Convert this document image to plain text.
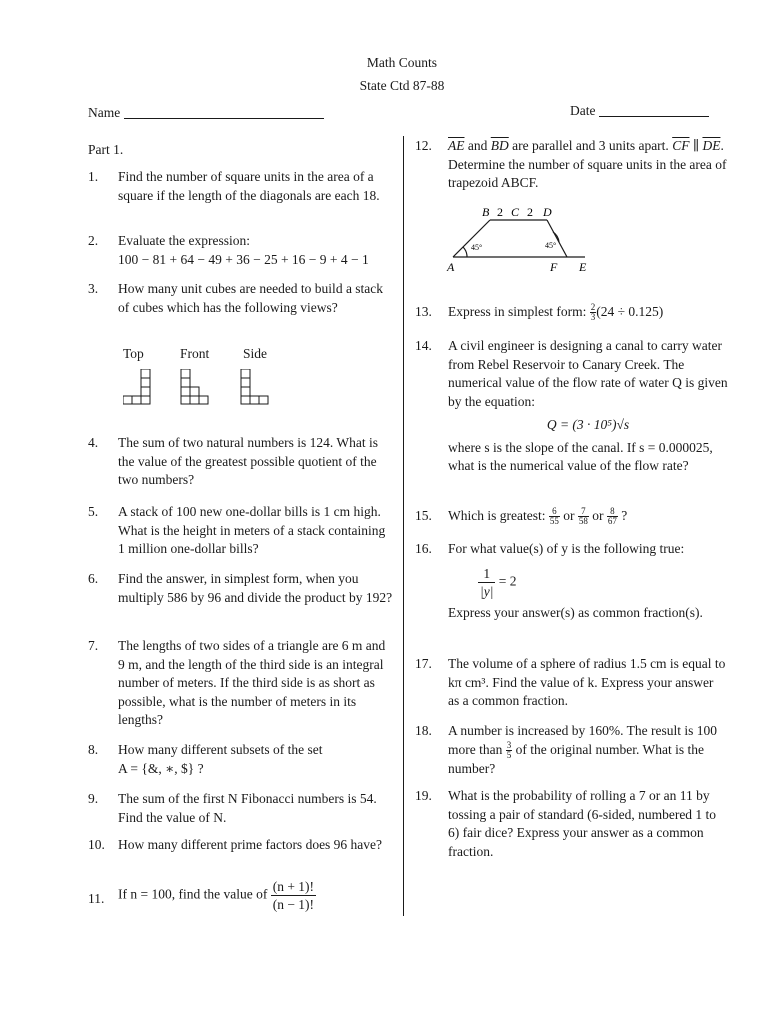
Math Counts
State Ctd 87-88
Name	Date
Part 1.
1. Find the number of square units in the area of a square if the length of the diagonals are each 18.
2. Evaluate the expression:
100 − 81 + 64 − 49 + 36 − 25 + 16 − 9 + 4 − 1
3. How many unit cubes are needed to build a stack of cubes which has the following views?
Top	Front Side
4. The sum of two natural numbers is 124. What is the value of the greatest possible quotient of the two numbers?
5. A stack of 100 new one-dollar bills is 1 cm high. What is the height in meters of a stack containing 1 million one-dollar bills?
6. Find the answer, in simplest form, when you multiply 586 by 96 and divide the product by 192?
7. The lengths of two sides of a triangle are 6 m and 9 m, and the length of the third side is an integral number of meters. If the third side is as short as possible, what is the number of meters in its lengths?
8. How many different subsets of the set
A = {&, ∗, $} ?
9. The sum of the first N Fibonacci numbers is 54. Find the value of N.
10. How many different prime factors does 96 have?
11. If n = 100, find the value of $\frac{(n + 1)!}{(n - 1)!}$
12. $\overline{AE}$ and $\overline{BD}$ are parallel and 3 units apart. $\overline{CF}$ ∥ $\overline{DE}$. Determine the number of square units in the area of trapezoid ABCF.
B 2 C 2 D
45°	45°
A	F E
13. Express in simplest form: $\frac{2}{3} (24 \div 0.125)$
14. A civil engineer is designing a canal to carry water from Rebel Reservoir to Canary Creek. The numerical value of the flow rate of water Q is given by the equation:
Q = (3 · 10⁵)√s
where s is the slope of the canal. If s = 0.000025, what is the numerical value of the flow rate?
15. Which is greatest: $\frac{6}{55}$ or $\frac{7}{58}$ or $\frac{8}{67}$ ?
16. For what value(s) of y is the following true:
$\frac{1}{|y|} = 2$
Express your answer(s) as common fraction(s).
17. The volume of a sphere of radius 1.5 cm is equal to kπ cm³. Find the value of k. Express your answer as a common fraction.
18. A number is increased by 160%. The result is 100 more than $\frac{3}{5}$ of the original number. What is the number?
19. What is the probability of rolling a 7 or an 11 by tossing a pair of standard (6-sided, numbered 1 to 6) fair dice? Express your answer as a common fraction.
